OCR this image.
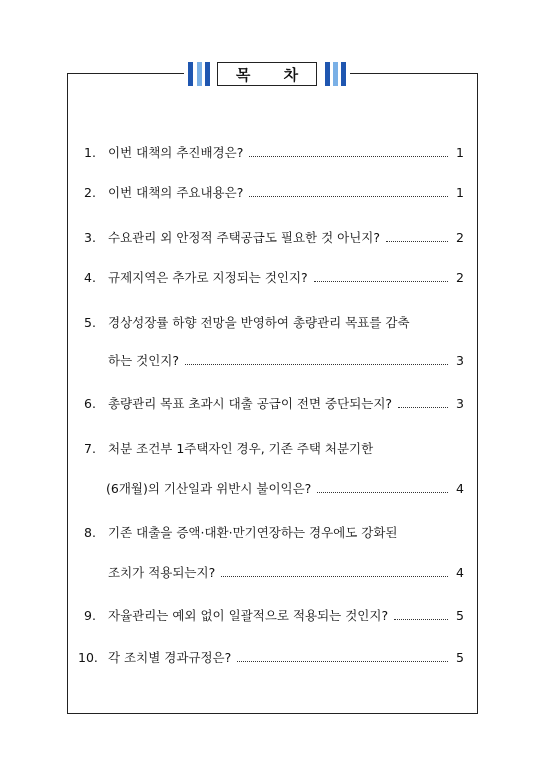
목 차
1. 이번 대책의 추진배경은?	1
2. 이번 대책의 주요내용은?	1
3. 수요관리 외 안정적 주택공급도 필요한 것 아닌지?	2
4. 규제지역은 추가로 지정되는 것인지?	2
5. 경상성장률 하향 전망을 반영하여 총량관리 목표를 감축
하는 것인지?	3
6. 총량관리 목표 초과시 대출 공급이 전면 중단되는지?	3
7. 처분 조건부 1주택자인 경우, 기존 주택 처분기한
(6개월)의 기산일과 위반시 불이익은?	4
8. 기존 대출을 증액·대환·만기연장하는 경우에도 강화된
조치가 적용되는지?	4
9. 자율관리는 예외 없이 일괄적으로 적용되는 것인지?	5
10. 각 조치별 경과규정은?	5
